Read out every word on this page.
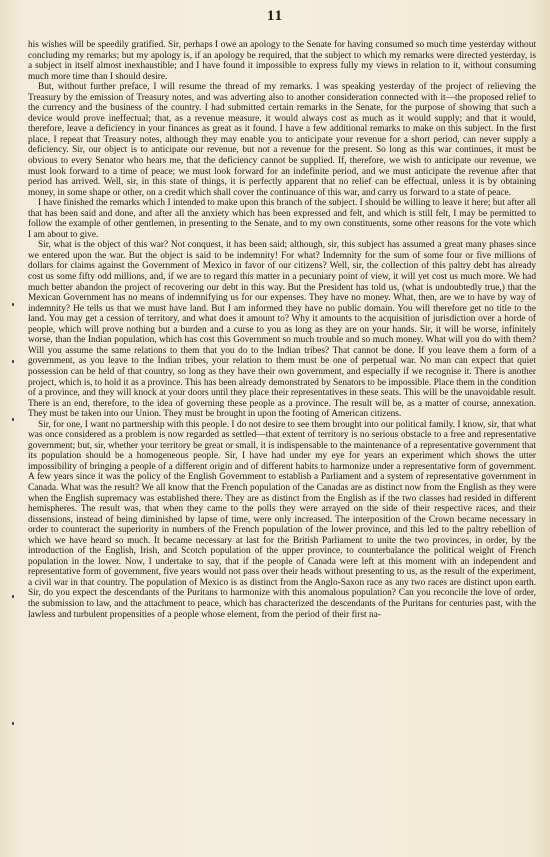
11

his wishes will be speedily gratified. Sir, perhaps I owe an apology to the Senate for having consumed so much time yesterday without concluding my remarks; but my apology is, if an apology be required, that the subject to which my remarks were directed yesterday, is a subject in itself almost inexhaustible; and I have found it impossible to express fully my views in relation to it, without consuming much more time than I should desire.

But, without further preface, I will resume the thread of my remarks. I was speaking yesterday of the project of relieving the Treasury by the emission of Treasury notes, and was adverting also to another consideration connected with it—the proposed relief to the currency and the business of the country. I had submitted certain remarks in the Senate, for the purpose of showing that such a device would prove ineffectual; that, as a revenue measure, it would always cost as much as it would supply; and that it would, therefore, leave a deficiency in your finances as great as it found. I have a few additional remarks to make on this subject. In the first place, I repeat that Treasury notes, although they may enable you to anticipate your revenue for a short period, can never supply a deficiency. Sir, our object is to anticipate our revenue, but not a revenue for the present. So long as this war continues, it must be obvious to every Senator who hears me, that the deficiency cannot be supplied. If, therefore, we wish to anticipate our revenue, we must look forward to a time of peace; we must look forward for an indefinite period, and we must anticipate the revenue after that period has arrived. Well, sir, in this state of things, it is perfectly apparent that no relief can be effectual, unless it is by obtaining money, in some shape or other, on a credit which shall cover the continuance of this war, and carry us forward to a state of peace.

I have finished the remarks which I intended to make upon this branch of the subject. I should be willing to leave it here; but after all that has been said and done, and after all the anxiety which has been expressed and felt, and which is still felt, I may be permitted to follow the example of other gentlemen, in presenting to the Senate, and to my own constituents, some other reasons for the vote which I am about to give.

Sir, what is the object of this war? Not conquest, it has been said; although, sir, this subject has assumed a great many phases since we entered upon the war. But the object is said to be indemnity! For what? Indemnity for the sum of some four or five millions of dollars for claims against the Government of Mexico in favor of our citizens? Well, sir, the collection of this paltry debt has already cost us some fifty odd millions, and, if we are to regard this matter in a pecuniary point of view, it will yet cost us much more. We had much better abandon the project of recovering our debt in this way. But the President has told us, (what is undoubtedly true,) that the Mexican Government has no means of indemnifying us for our expenses. They have no money. What, then, are we to have by way of indemnity? He tells us that we must have land. But I am informed they have no public domain. You will therefore get no title to the land. You may get a cession of territory, and what does it amount to? Why it amounts to the acquisition of jurisdiction over a horde of people, which will prove nothing but a burden and a curse to you as long as they are on your hands. Sir, it will be worse, infinitely worse, than the Indian population, which has cost this Government so much trouble and so much money. What will you do with them? Will you assume the same relations to them that you do to the Indian tribes? That cannot be done. If you leave them a form of a government, as you leave to the Indian tribes, your relation to them must be one of perpetual war. No man can expect that quiet possession can be held of that country, so long as they have their own government, and especially if we recognise it. There is another project, which is, to hold it as a province. This has been already demonstrated by Senators to be impossible. Place them in the condition of a province, and they will knock at your doors until they place their representatives in these seats. This will be the unavoidable result. There is an end, therefore, to the idea of governing these people as a province. The result will be, as a matter of course, annexation. They must be taken into our Union. They must be brought in upon the footing of American citizens.

Sir, for one, I want no partnership with this people. I do not desire to see them brought into our political family. I know, sir, that what was once considered as a problem is now regarded as settled—that extent of territory is no serious obstacle to a free and representative government; but, sir, whether your territory be great or small, it is indispensable to the maintenance of a representative government that its population should be a homogeneous people. Sir, I have had under my eye for years an experiment which shows the utter impossibility of bringing a people of a different origin and of different habits to harmonize under a representative form of government. A few years since it was the policy of the English Government to establish a Parliament and a system of representative government in Canada. What was the result? We all know that the French population of the Canadas are as distinct now from the English as they were when the English supremacy was established there. They are as distinct from the English as if the two classes had resided in different hemispheres. The result was, that when they came to the polls they were arrayed on the side of their respective races, and their dissensions, instead of being diminished by lapse of time, were only increased. The interposition of the Crown became necessary in order to counteract the superiority in numbers of the French population of the lower province, and this led to the paltry rebellion of which we have heard so much. It became necessary at last for the British Parliament to unite the two provinces, in order, by the introduction of the English, Irish, and Scotch population of the upper province, to counterbalance the political weight of French population in the lower. Now, I undertake to say, that if the people of Canada were left at this moment with an independent and representative form of government, five years would not pass over their heads without presenting to us, as the result of the experiment, a civil war in that country. The population of Mexico is as distinct from the Anglo-Saxon race as any two races are distinct upon earth. Sir, do you expect the descendants of the Puritans to harmonize with this anomalous population? Can you reconcile the love of order, the submission to law, and the attachment to peace, which has characterized the descendants of the Puritans for centuries past, with the lawless and turbulent propensities of a people whose element, from the period of their first na-
